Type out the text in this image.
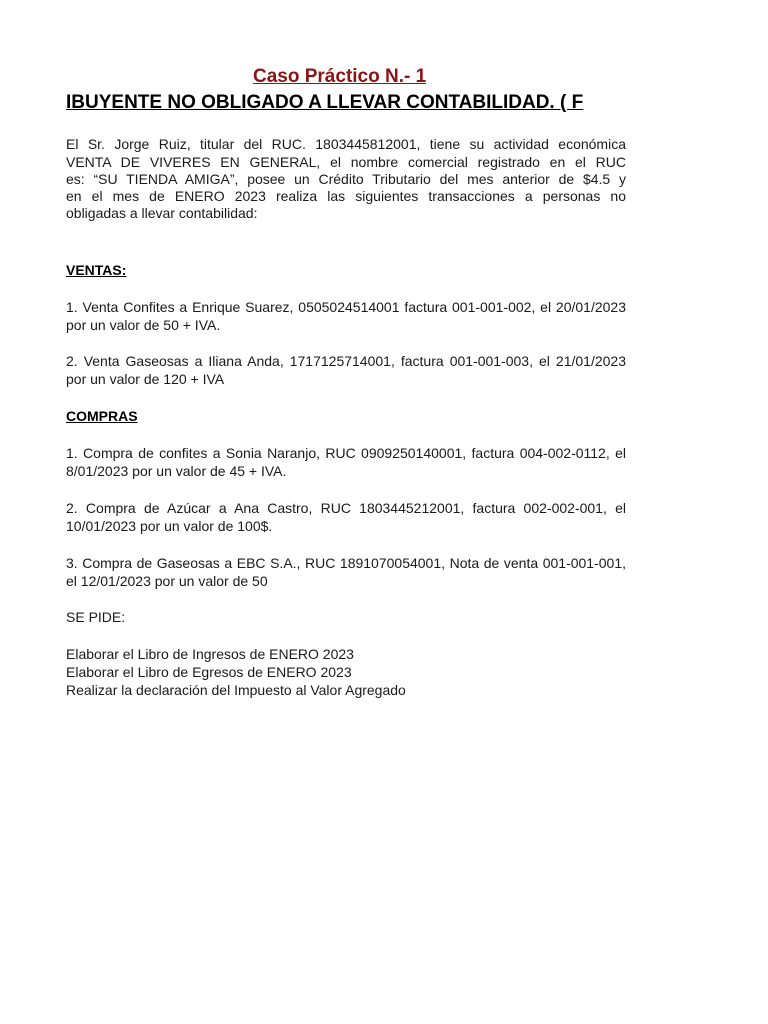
Caso Práctico N.- 1
IBUYENTE NO OBLIGADO A LLEVAR CONTABILIDAD. ( F

El Sr. Jorge Ruiz, titular del RUC. 1803445812001, tiene su actividad económica

VENTA DE VIVERES EN GENERAL, el nombre comercial registrado en el RUC

es: “SU TIENDA AMIGA”, posee un Crédito Tributario del mes anterior de $4.5 y

en el mes de ENERO 2023 realiza las siguientes transacciones a personas no

obligadas a llevar contabilidad:

VENTAS:

1. Venta Confites a Enrique Suarez, 0505024514001 factura 001-001-002, el 20/01/2023 por un valor de 50 + IVA.

2. Venta Gaseosas a Iliana Anda, 1717125714001, factura 001-001-003, el 21/01/2023 por un valor de 120 + IVA

COMPRAS

1. Compra de confites a Sonia Naranjo, RUC 0909250140001, factura 004-002-0112, el 8/01/2023 por un valor de 45 + IVA.

2. Compra de Azúcar a Ana Castro, RUC 1803445212001, factura 002-002-001, el 10/01/2023 por un valor de 100$.

3. Compra de Gaseosas a EBC S.A., RUC 1891070054001, Nota de venta 001-001-001, el 12/01/2023 por un valor de 50

SE PIDE:

Elaborar el Libro de Ingresos de ENERO 2023

Elaborar el Libro de Egresos de ENERO 2023

Realizar la declaración del Impuesto al Valor Agregado
